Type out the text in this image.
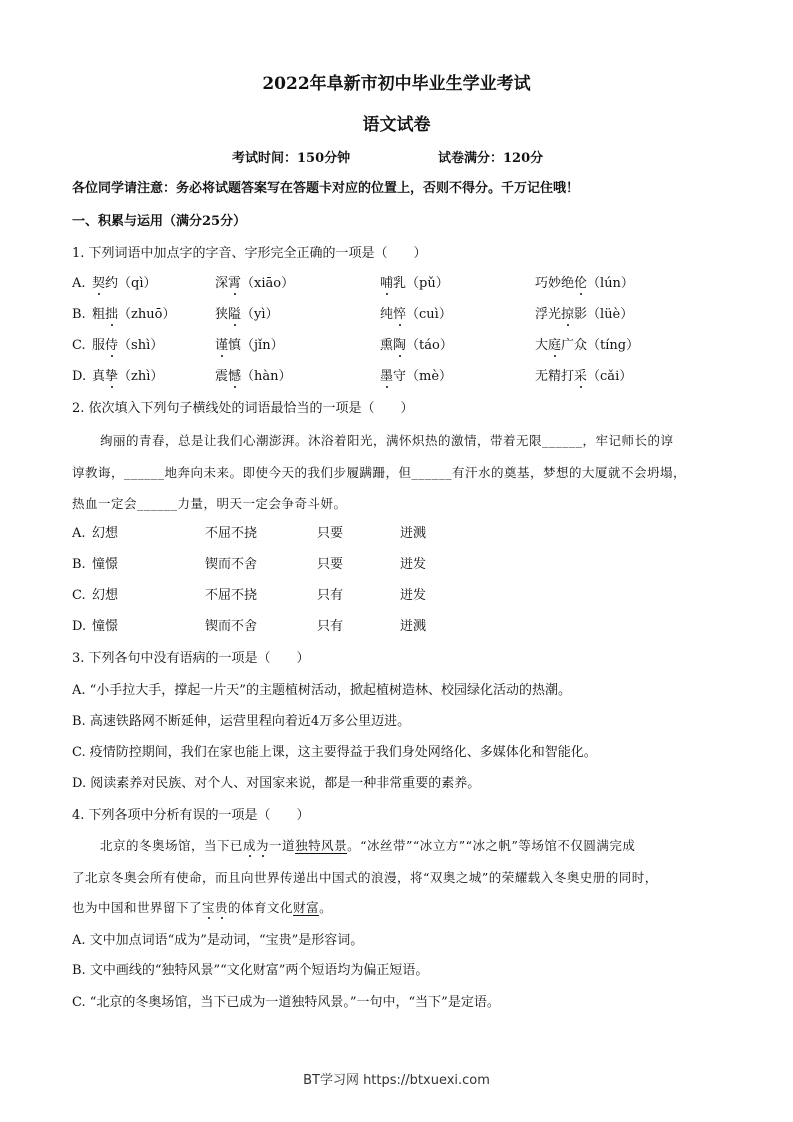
2022年阜新市初中毕业生学业考试
语文试卷
考试时间：150分钟	试卷满分：120分
各位同学请注意：务必将试题答案写在答题卡对应的位置上，否则不得分。千万记住哦！
一、积累与运用（满分25分）
1. 下列词语中加点字的字音、字形完全正确的一项是（　　）
A. 契约（qì）	深霄（xiāo）	哺乳（pǔ）	巧妙绝伦（lún）
B. 粗拙（zhuō）	狭隘（yì）	纯悴（cuì）	浮光掠影（lüè）
C. 服侍（shì）	谨慎（jǐn）	熏陶（táo）	大庭广众（tíng）
D. 真挚（zhì）	震憾（hàn）	墨守（mè）	无精打采（cǎi）
2. 依次填入下列句子横线处的词语最恰当的一项是（　　）
绚丽的青春，总是让我们心潮澎湃。沐浴着阳光，满怀炽热的激情，带着无限______，牢记师长的谆
谆教诲，______地奔向未来。即使今天的我们步履蹒跚，但______有汗水的奠基，梦想的大厦就不会坍塌，
热血一定会______力量，明天一定会争奇斗妍。
A. 幻想	不屈不挠	只要	迸溅
B. 憧憬	锲而不舍	只要	迸发
C. 幻想	不屈不挠	只有	迸发
D. 憧憬	锲而不舍	只有	迸溅
3. 下列各句中没有语病的一项是（　　）
A. “小手拉大手，撑起一片天”的主题植树活动，掀起植树造林、校园绿化活动的热潮。
B. 高速铁路网不断延伸，运营里程向着近4万多公里迈进。
C. 疫情防控期间，我们在家也能上课，这主要得益于我们身处网络化、多媒体化和智能化。
D. 阅读素养对民族、对个人、对国家来说，都是一种非常重要的素养。
4. 下列各项中分析有误的一项是（　　）
北京的冬奥场馆，当下已成为一道独特风景。“冰丝带”“冰立方”“冰之帆”等场馆不仅圆满完成
了北京冬奥会所有使命，而且向世界传递出中国式的浪漫，将“双奥之城”的荣耀载入冬奥史册的同时，
也为中国和世界留下了宝贵的体育文化财富。
A. 文中加点词语“成为”是动词，“宝贵”是形容词。
B. 文中画线的“独特风景”“文化财富”两个短语均为偏正短语。
C. “北京的冬奥场馆，当下已成为一道独特风景。”一句中，“当下”是定语。
BT学习网 https://btxuexi.com
